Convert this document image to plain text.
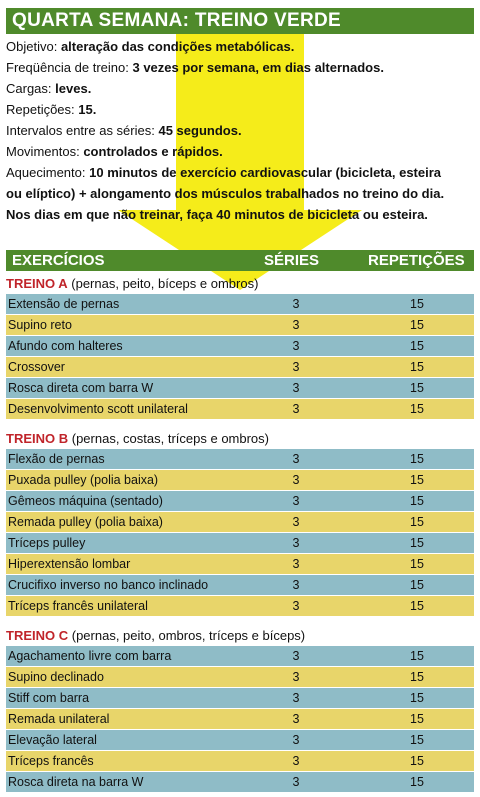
QUARTA SEMANA: TREINO VERDE
Objetivo: alteração das condições metabólicas.
Freqüência de treino: 3 vezes por semana, em dias alternados.
Cargas: leves.
Repetições: 15.
Intervalos entre as séries: 45 segundos.
Movimentos: controlados e rápidos.
Aquecimento: 10 minutos de exercício cardiovascular (bicicleta, esteira
ou elíptico) + alongamento dos músculos trabalhados no treino do dia.
Nos dias em que não treinar, faça 40 minutos de bicicleta ou esteira.
EXERCÍCIOS	SÉRIES	REPETIÇÕES
TREINO A (pernas, peito, bíceps e ombros)
Extensão de pernas	3	15
Supino reto	3	15
Afundo com halteres	3	15
Crossover	3	15
Rosca direta com barra W	3	15
Desenvolvimento scott unilateral	3	15
TREINO B (pernas, costas, tríceps e ombros)
Flexão de pernas	3	15
Puxada pulley (polia baixa)	3	15
Gêmeos máquina (sentado)	3	15
Remada pulley (polia baixa)	3	15
Tríceps pulley	3	15
Hiperextensão lombar	3	15
Crucifixo inverso no banco inclinado	3	15
Tríceps francês unilateral	3	15
TREINO C (pernas, peito, ombros, tríceps e bíceps)
Agachamento livre com barra	3	15
Supino declinado	3	15
Stiff com barra	3	15
Remada unilateral	3	15
Elevação lateral	3	15
Tríceps francês	3	15
Rosca direta na barra W	3	15
